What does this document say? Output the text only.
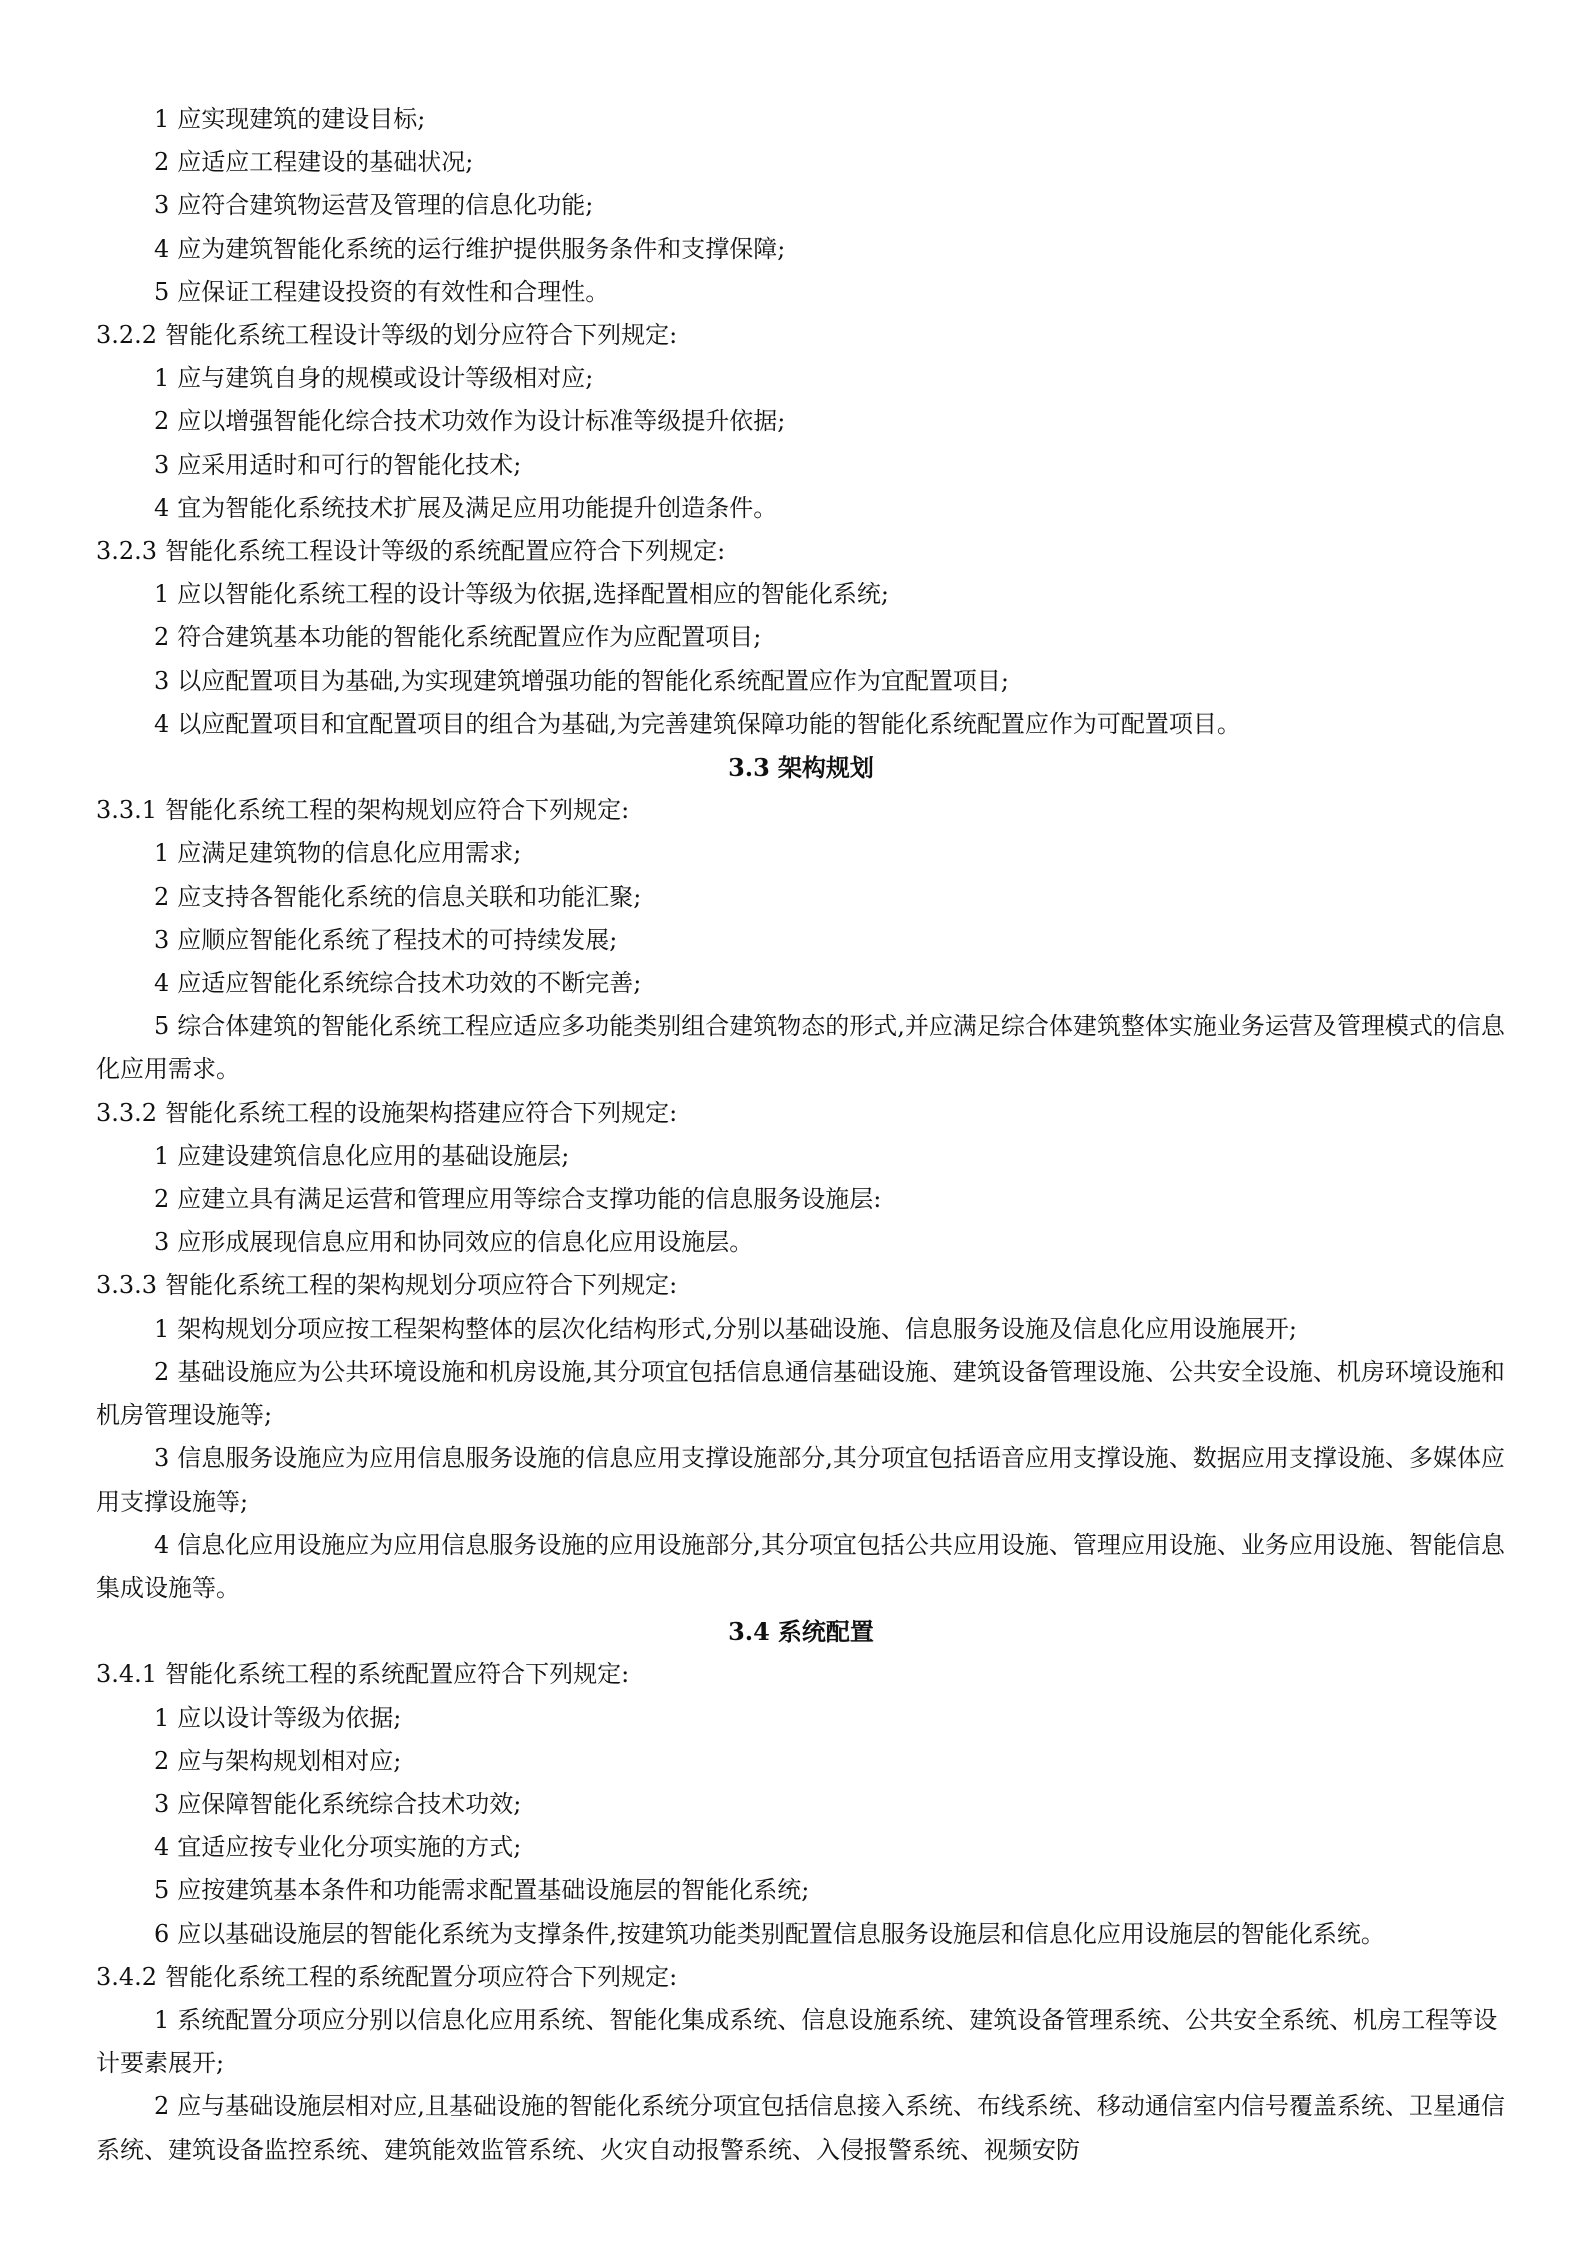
1 应实现建筑的建设目标;

2 应适应工程建设的基础状况;

3 应符合建筑物运营及管理的信息化功能;

4 应为建筑智能化系统的运行维护提供服务条件和支撑保障;

5 应保证工程建设投资的有效性和合理性。

3.2.2 智能化系统工程设计等级的划分应符合下列规定:

1 应与建筑自身的规模或设计等级相对应;

2 应以增强智能化综合技术功效作为设计标准等级提升依据;

3 应采用适时和可行的智能化技术;

4 宜为智能化系统技术扩展及满足应用功能提升创造条件。

3.2.3 智能化系统工程设计等级的系统配置应符合下列规定:

1 应以智能化系统工程的设计等级为依据,选择配置相应的智能化系统;

2 符合建筑基本功能的智能化系统配置应作为应配置项目;

3 以应配置项目为基础,为实现建筑增强功能的智能化系统配置应作为宜配置项目;

4 以应配置项目和宜配置项目的组合为基础,为完善建筑保障功能的智能化系统配置应作为可配置项目。

3.3 架构规划

3.3.1 智能化系统工程的架构规划应符合下列规定:

1 应满足建筑物的信息化应用需求;

2 应支持各智能化系统的信息关联和功能汇聚;

3 应顺应智能化系统了程技术的可持续发展;

4 应适应智能化系统综合技术功效的不断完善;

5 综合体建筑的智能化系统工程应适应多功能类别组合建筑物态的形式,并应满足综合体建筑整体实施业务运营及管理模式的信息化应用需求。

3.3.2 智能化系统工程的设施架构搭建应符合下列规定:

1 应建设建筑信息化应用的基础设施层;

2 应建立具有满足运营和管理应用等综合支撑功能的信息服务设施层:

3 应形成展现信息应用和协同效应的信息化应用设施层。

3.3.3 智能化系统工程的架构规划分项应符合下列规定:

1 架构规划分项应按工程架构整体的层次化结构形式,分别以基础设施、信息服务设施及信息化应用设施展开;

2 基础设施应为公共环境设施和机房设施,其分项宜包括信息通信基础设施、建筑设备管理设施、公共安全设施、机房环境设施和机房管理设施等;

3 信息服务设施应为应用信息服务设施的信息应用支撑设施部分,其分项宜包括语音应用支撑设施、数据应用支撑设施、多媒体应用支撑设施等;

4 信息化应用设施应为应用信息服务设施的应用设施部分,其分项宜包括公共应用设施、管理应用设施、业务应用设施、智能信息集成设施等。

3.4 系统配置

3.4.1 智能化系统工程的系统配置应符合下列规定:

1 应以设计等级为依据;

2 应与架构规划相对应;

3 应保障智能化系统综合技术功效;

4 宜适应按专业化分项实施的方式;

5 应按建筑基本条件和功能需求配置基础设施层的智能化系统;

6 应以基础设施层的智能化系统为支撑条件,按建筑功能类别配置信息服务设施层和信息化应用设施层的智能化系统。

3.4.2 智能化系统工程的系统配置分项应符合下列规定:

1 系统配置分项应分别以信息化应用系统、智能化集成系统、信息设施系统、建筑设备管理系统、公共安全系统、机房工程等设计要素展开;

2 应与基础设施层相对应,且基础设施的智能化系统分项宜包括信息接入系统、布线系统、移动通信室内信号覆盖系统、卫星通信系统、建筑设备监控系统、建筑能效监管系统、火灾自动报警系统、入侵报警系统、视频安防
